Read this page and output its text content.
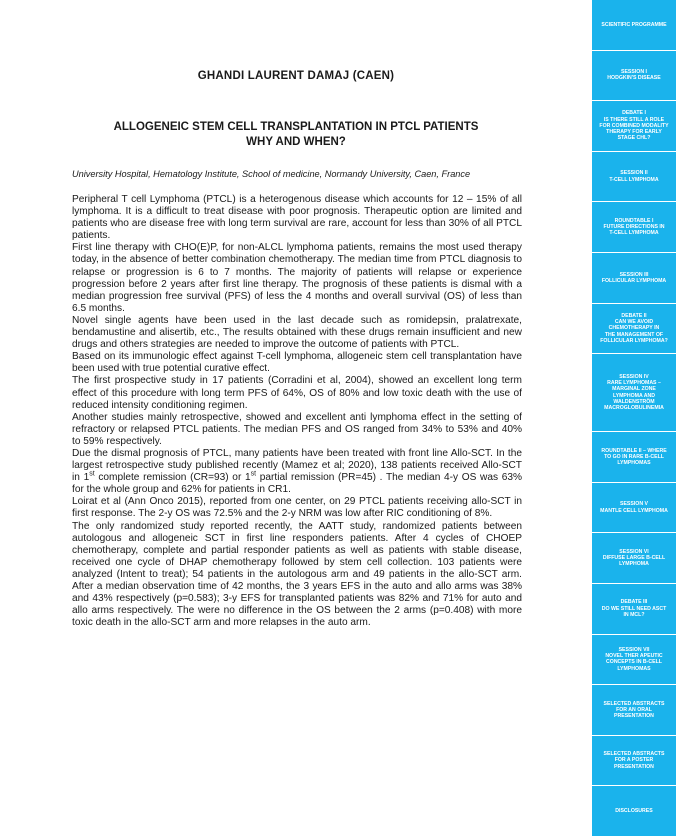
GHANDI LAURENT DAMAJ (CAEN)
ALLOGENEIC STEM CELL TRANSPLANTATION IN PTCL PATIENTS
WHY AND WHEN?
University Hospital, Hematology Institute, School of medicine, Normandy University, Caen, France

Peripheral T cell Lymphoma (PTCL) is a heterogenous disease which accounts for 12 – 15% of all lymphoma. It is a difficult to treat disease with poor prognosis. Therapeutic option are limited and patients who are disease free with long term survival are rare, account for less than 30% of all PTCL patients.

First line therapy with CHO(E)P, for non-ALCL lymphoma patients, remains the most used therapy today, in the absence of better combination chemotherapy. The median time from PTCL diagnosis to relapse or progression is 6 to 7 months. The majority of patients will relapse or experience progression before 2 years after first line therapy. The prognosis of these patients is dismal with a median progression free survival (PFS) of less the 4 months and overall survival (OS) of less than 6.5 months.

Novel single agents have been used in the last decade such as romidepsin, pralatrexate, bendamustine and alisertib, etc., The results obtained with these drugs remain insufficient and new drugs and others strategies are needed to improve the outcome of patients with PTCL.

Based on its immunologic effect against T-cell lymphoma, allogeneic stem cell transplantation have been used with true potential curative effect.

The first prospective study in 17 patients (Corradini et al, 2004), showed an excellent long term effect of this procedure with long term PFS of 64%, OS of 80% and low toxic death with the use of reduced intensity conditioning regimen.

Another studies mainly retrospective, showed and excellent anti lymphoma effect in the setting of refractory or relapsed PTCL patients. The median PFS and OS ranged from 34% to 53% and 40% to 59% respectively.

Due the dismal prognosis of PTCL, many patients have been treated with front line Allo-SCT. In the largest retrospective study published recently (Mamez et al; 2020), 138 patients received Allo-SCT in 1st complete remission (CR=93) or 1st partial remission (PR=45) . The median 4-y OS was 63% for the whole group and 62% for patients in CR1.

Loirat et al (Ann Onco 2015), reported from one center, on 29 PTCL patients receiving allo-SCT in first response. The 2-y OS was 72.5% and the 2-y NRM was low after RIC conditioning of 8%.

The only randomized study reported recently, the AATT study, randomized patients between autologous and allogeneic SCT in first line responders patients. After 4 cycles of CHOEP chemotherapy, complete and partial responder patients as well as patients with stable disease, received one cycle of DHAP chemotherapy followed by stem cell collection. 103 patients were analyzed (Intent to treat); 54 patients in the autologous arm and 49 patients in the allo-SCT arm. After a median observation time of 42 months, the 3 years EFS in the auto and allo arms was 38% and 43% respectively (p=0.583); 3-y EFS for transplanted patients was 82% and 71% for auto and allo arms respectively. The were no difference in the OS between the 2 arms (p=0.408) with more toxic death in the allo-SCT arm and more relapses in the auto arm.

SCIENTIFIC PROGRAMME
SESSION I
HODGKIN'S DISEASE
DEBATE I
IS THERE STILL A ROLE
FOR COMBINED MODALITY
THERAPY FOR EARLY
STAGE CHL?
SESSION II
T-CELL LYMPHOMA
ROUNDTABLE I
FUTURE DIRECTIONS IN
T-CELL LYMPHOMA
SESSION III
FOLLICULAR LYMPHOMA
DEBATE II
CAN WE AVOID
CHEMOTHERAPY IN
THE MANAGEMENT OF
FOLLICULAR LYMPHOMA?
SESSION IV
RARE LYMPHOMAS –
MARGINAL ZONE
LYMPHOMA AND
WALDENSTRÖM
MACROGLOBULINEMIA
ROUNDTABLE II – WHERE
TO GO IN RARE B-CELL
LYMPHOMAS
SESSION V
MANTLE CELL LYMPHOMA
SESSION VI
DIFFUSE LARGE B-CELL
LYMPHOMA
DEBATE III
DO WE STILL NEED ASCT
IN MCL?
SESSION VII
NOVEL THER APEUTIC
CONCEPTS IN B-CELL
LYMPHOMAS
SELECTED ABSTRACTS
FOR AN ORAL
PRESENTATION
SELECTED ABSTRACTS
FOR A POSTER
PRESENTATION
DISCLOSURES
